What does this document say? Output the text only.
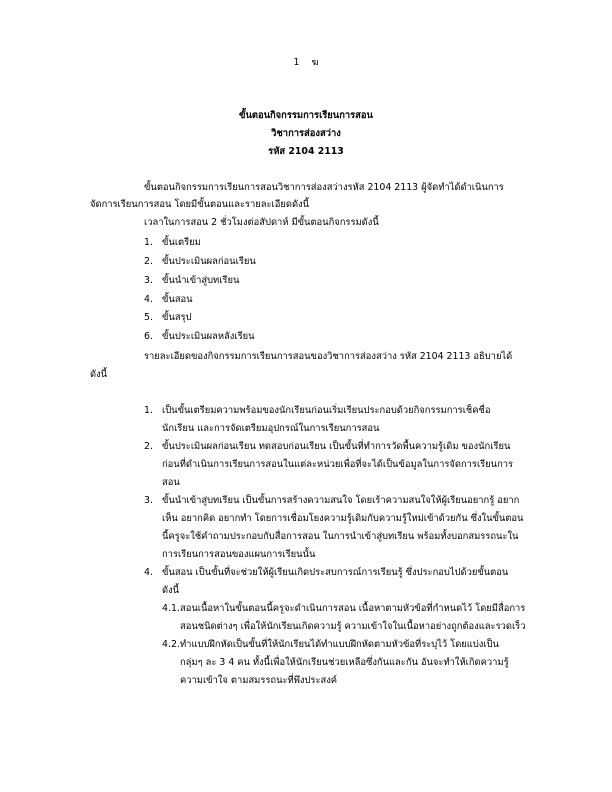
1 ฆ
ขั้นตอนกิจกรรมการเรียนการสอน
วิชาการส่องสว่าง
รหัส 2104 2113
ขั้นตอนกิจกรรมการเรียนการสอนวิชาการส่องสว่างรหัส 2104 2113 ผู้จัดทำได้ดำเนินการ
จัดการเรียนการสอน โดยมีขั้นตอนและรายละเอียดดังนี้
เวลาในการสอน 2 ชั่วโมงต่อสัปดาห์ มีขั้นตอนกิจกรรมดังนี้
1. ขั้นเตรียม
2. ขั้นประเมินผลก่อนเรียน
3. ขั้นนำเข้าสู่บทเรียน
4. ขั้นสอน
5. ขั้นสรุป
6. ขั้นประเมินผลหลังเรียน
รายละเอียดของกิจกรรมการเรียนการสอนของวิชาการส่องสว่าง รหัส 2104 2113 อธิบายได้
ดังนี้
1. เป็นขั้นเตรียมความพร้อมของนักเรียนก่อนเริ่มเรียนประกอบด้วยกิจกรรมการเช็คชื่อ
นักเรียน และการจัดเตรียมอุปกรณ์ในการเรียนการสอน
2. ขั้นประเมินผลก่อนเรียน ทดสอบก่อนเรียน เป็นขั้นที่ทำการวัดพื้นความรู้เดิม ของนักเรียน
ก่อนที่ดำเนินการเรียนการสอนในแต่ละหน่วยเพื่อที่จะได้เป็นข้อมูลในการจัดการเรียนการ
สอน
3. ขั้นนำเข้าสู่บทเรียน เป็นขั้นการสร้างความสนใจ โดยเร้าความสนใจให้ผู้เรียนอยากรู้ อยาก
เห็น อยากคิด อยากทำ โดยการเชื่อมโยงความรู้เดิมกับความรู้ใหม่เข้าด้วยกัน ซึ่งในขั้นตอน
นี้ครูจะใช้คำถามประกอบกับสื่อการสอน ในการนำเข้าสู่บทเรียน พร้อมทั้งบอกสมรรถนะใน
การเรียนการสอนของแผนการเรียนนั้น
4. ขั้นสอน เป็นขั้นที่จะช่วยให้ผู้เรียนเกิดประสบการณ์การเรียนรู้ ซึ่งประกอบไปด้วยขั้นตอน
ดังนี้
4.1. สอนเนื้อหาในขั้นตอนนี้ครูจะดำเนินการสอน เนื้อหาตามหัวข้อที่กำหนดไว้ โดยมีสื่อการ
สอนชนิดต่างๆ เพื่อให้นักเรียนเกิดความรู้ ความเข้าใจในเนื้อหาอย่างถูกต้องและรวดเร็ว
4.2. ทำแบบฝึกหัดเป็นขั้นที่ให้นักเรียนได้ทำแบบฝึกหัดตามหัวข้อที่ระบุไว้ โดยแบ่งเป็น
กลุ่มๆ ละ 3 4 คน ทั้งนี้เพื่อให้นักเรียนช่วยเหลือซึ่งกันและกัน อันจะทำให้เกิดความรู้
ความเข้าใจ ตามสมรรถนะที่พึงประสงค์
